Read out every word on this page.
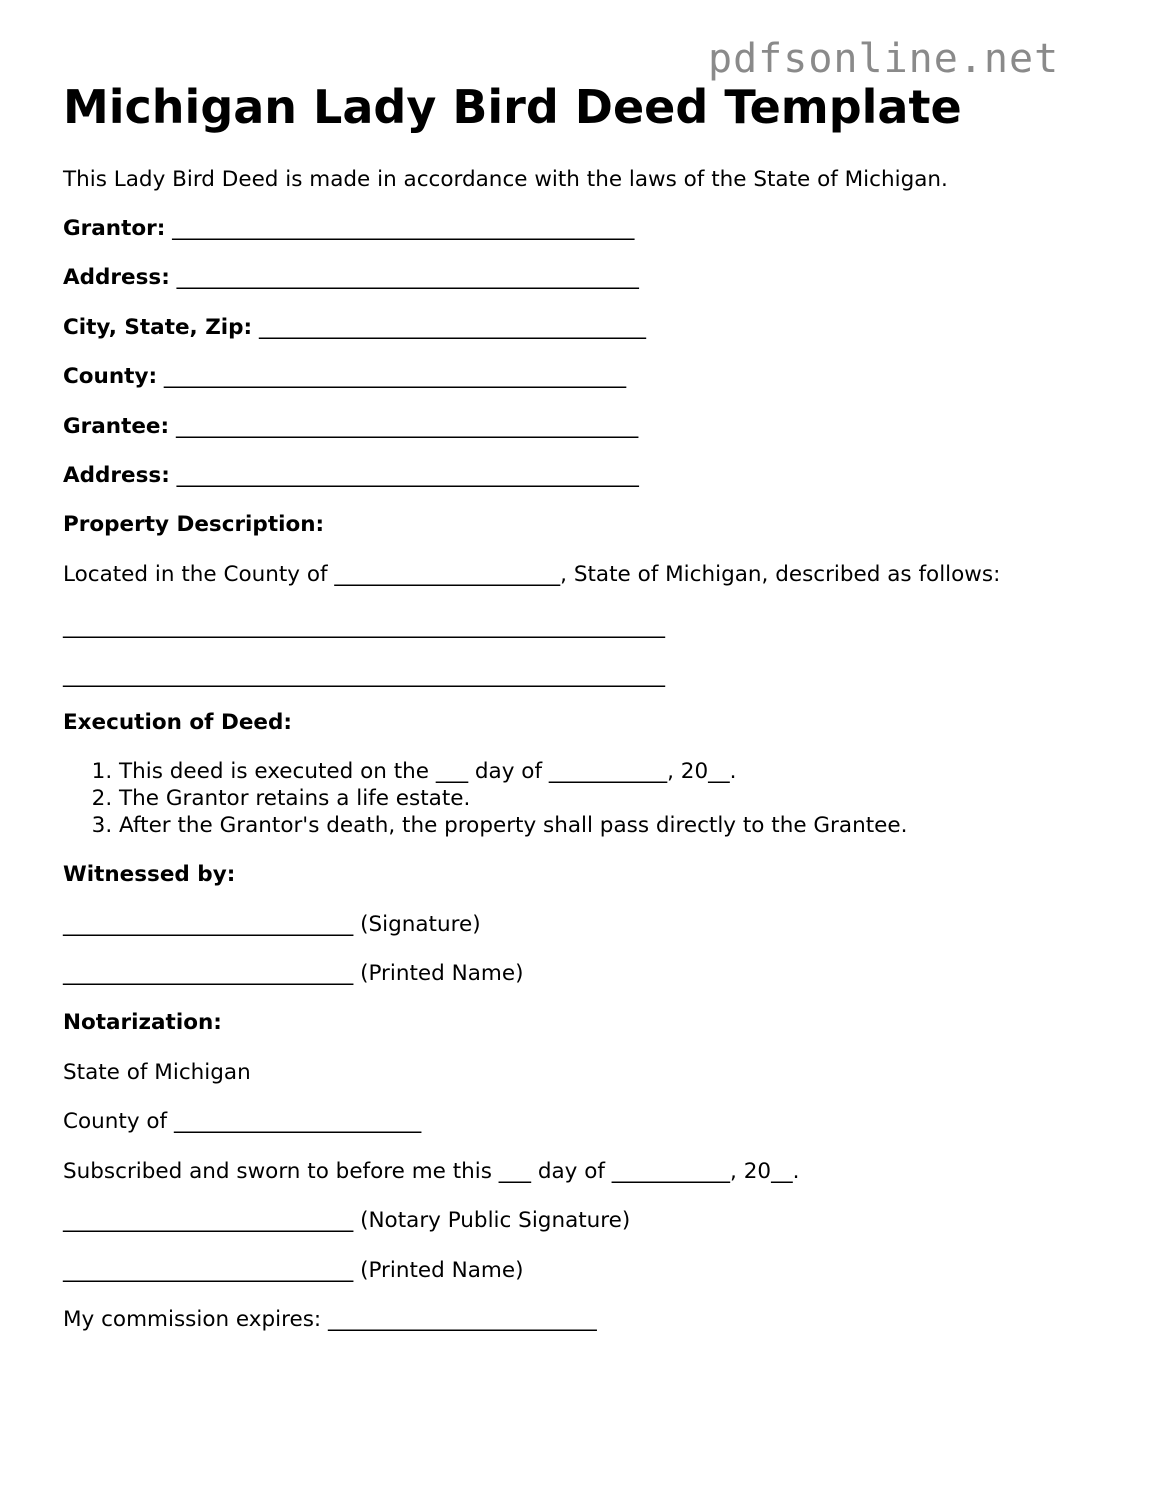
pdfsonline.net
Michigan Lady Bird Deed Template

This Lady Bird Deed is made in accordance with the laws of the State of Michigan.

Grantor: ___________________________________________

Address: ___________________________________________

City, State, Zip: ____________________________________

County: ___________________________________________

Grantee: ___________________________________________

Address: ___________________________________________

Property Description:

Located in the County of _____________________, State of Michigan, described as follows:

________________________________________________________

________________________________________________________

Execution of Deed:

1. This deed is executed on the ___ day of ___________, 20__.
2. The Grantor retains a life estate.
3. After the Grantor's death, the property shall pass directly to the Grantee.

Witnessed by:

___________________________ (Signature)

___________________________ (Printed Name)

Notarization:

State of Michigan

County of _______________________

Subscribed and sworn to before me this ___ day of ___________, 20__.

___________________________ (Notary Public Signature)

___________________________ (Printed Name)

My commission expires: _________________________
